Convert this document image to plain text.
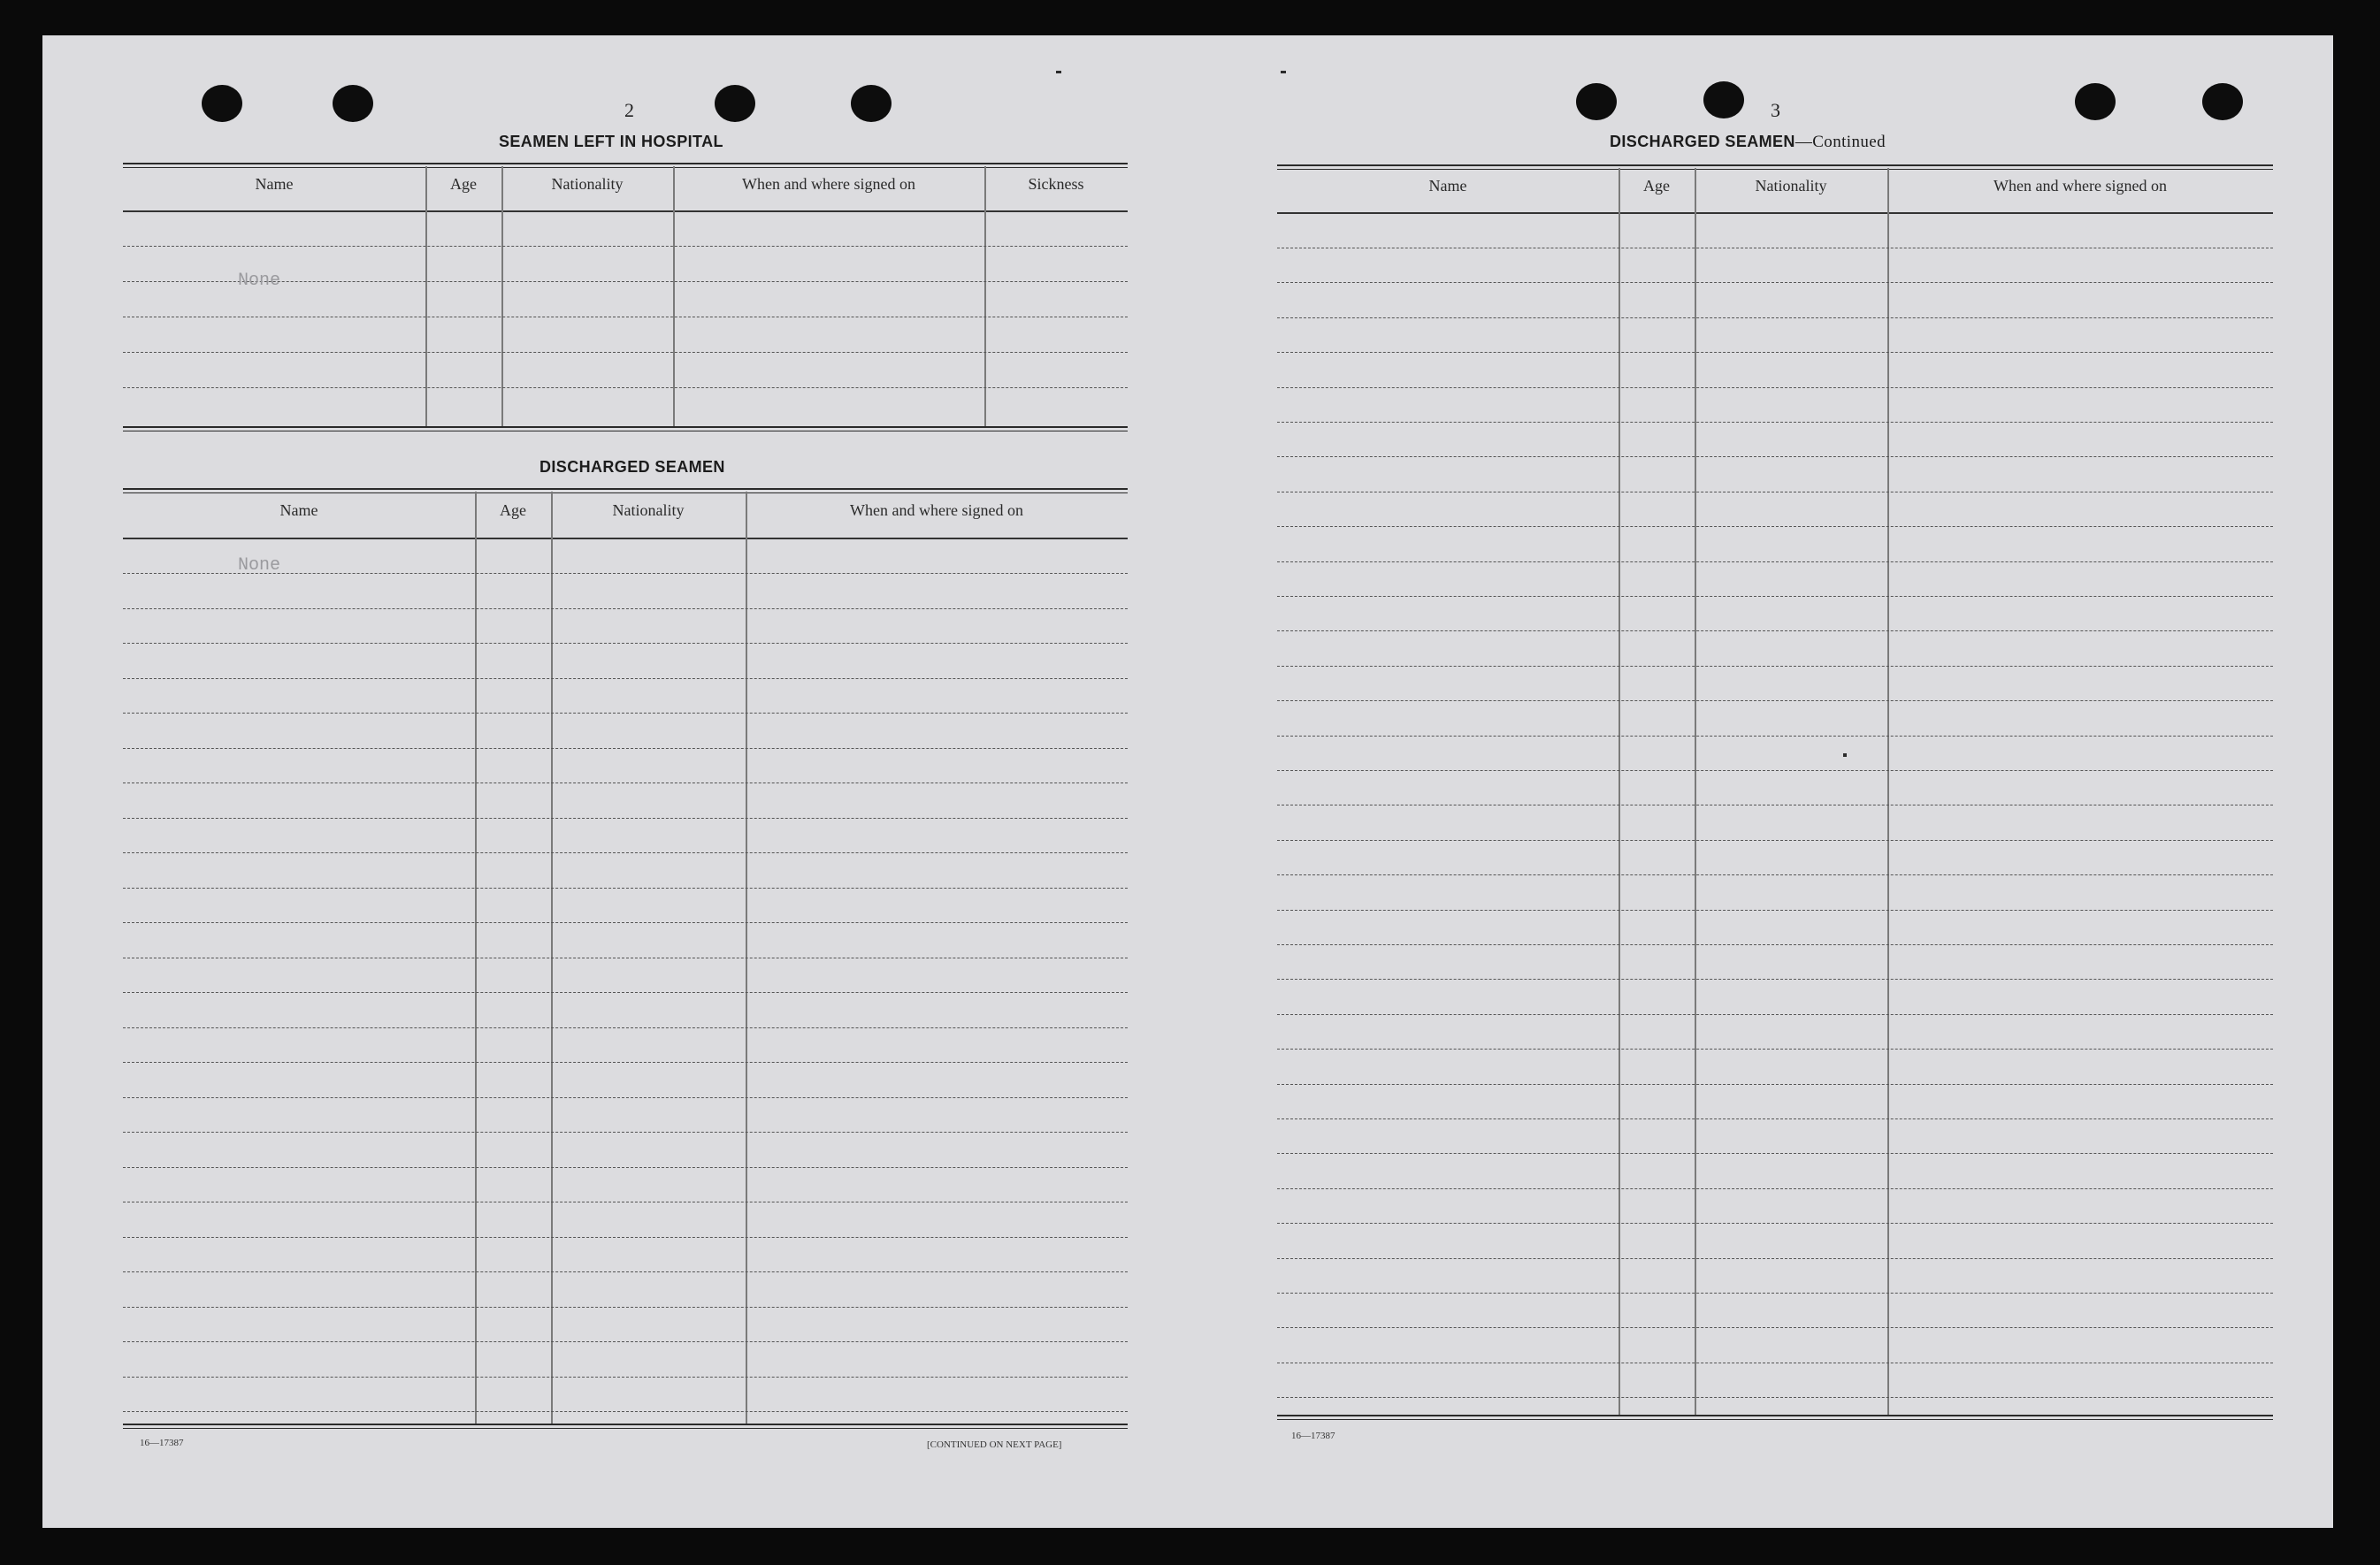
2
SEAMEN LEFT IN HOSPITAL
Name	Age	Nationality	When and where signed on	Sickness
None
DISCHARGED SEAMEN
Name	Age	Nationality	When and where signed on
None
16—17387	[CONTINUED ON NEXT PAGE]
3
DISCHARGED SEAMEN—Continued
Name	Age	Nationality	When and where signed on
16—17387
